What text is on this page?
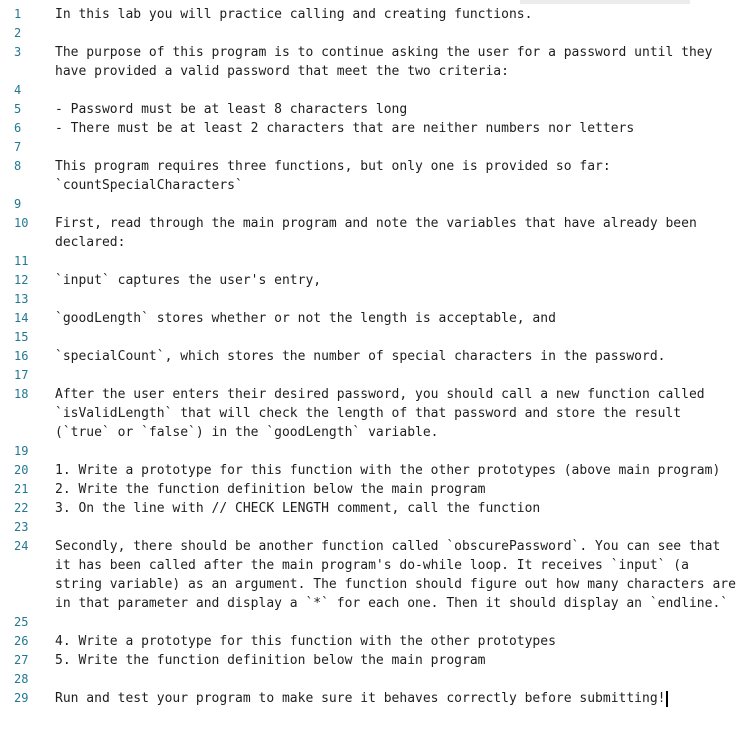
1	In this lab you will practice calling and creating functions.
2
3	The purpose of this program is to continue asking the user for a password until they have provided a valid password that meet the two criteria:
4
5	- Password must be at least 8 characters long
6	- There must be at least 2 characters that are neither numbers nor letters
7
8	This program requires three functions, but only one is provided so far: `countSpecialCharacters`
9
10	First, read through the main program and note the variables that have already been declared:
11
12	`input` captures the user's entry,
13
14	`goodLength` stores whether or not the length is acceptable, and
15
16	`specialCount`, which stores the number of special characters in the password.
17
18	After the user enters their desired password, you should call a new function called `isValidLength` that will check the length of that password and store the result (`true` or `false`) in the `goodLength` variable.
19
20	1. Write a prototype for this function with the other prototypes (above main program)
21	2. Write the function definition below the main program
22	3. On the line with // CHECK LENGTH comment, call the function
23
24	Secondly, there should be another function called `obscurePassword`. You can see that it has been called after the main program's do-while loop. It receives `input` (a string variable) as an argument. The function should figure out how many characters are in that parameter and display a `*` for each one. Then it should display an `endline.`
25
26	4. Write a prototype for this function with the other prototypes
27	5. Write the function definition below the main program
28
29	Run and test your program to make sure it behaves correctly before submitting!
